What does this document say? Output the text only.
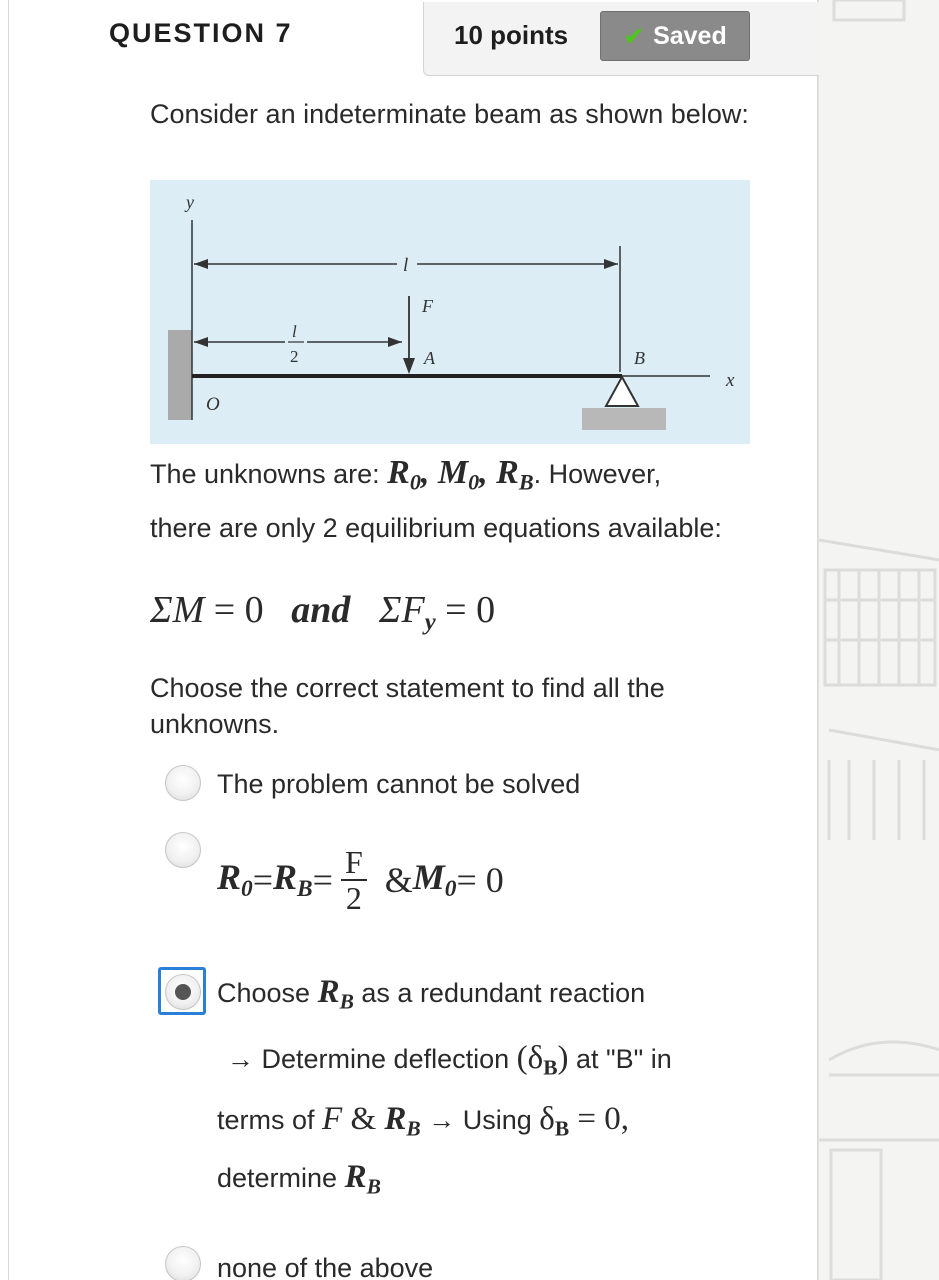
QUESTION 7	10 points ✔ Saved
Consider an indeterminate beam as shown below:
y
l
l
2
F
A
x
B
O
The unknowns are: $R_0$, $M_0$, $R_B$. However,
there are only 2 equilibrium equations available:
ΣM = 0 and $\Sigma F_y = 0$
Choose the correct statement to find all the unknowns.
The problem cannot be solved
$R_0 = R_B = \frac{F}{2}$ & $M_0 = 0$
Choose $R_B$ as a redundant reaction
→ Determine deflection $(\delta_B)$ at "B" in
terms of F & $R_B \to Using$ $\delta_B = 0$,
determine $R_B$
none of the above
